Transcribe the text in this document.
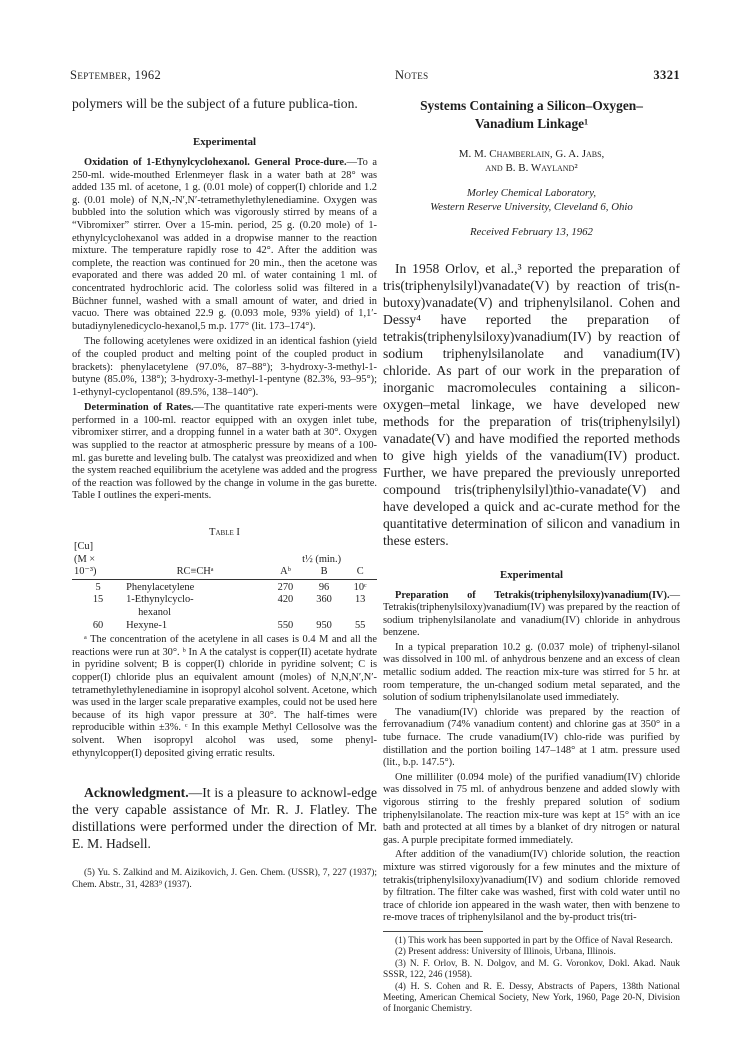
September, 1962	Notes	3321

polymers will be the subject of a future publica-tion.

Experimental

Oxidation of 1-Ethynylcyclohexanol. General Proce-dure.—To a 250-ml. wide-mouthed Erlenmeyer flask in a water bath at 28° was added 135 ml. of acetone, 1 g. (0.01 mole) of copper(I) chloride and 1.2 g. (0.01 mole) of N,N,-N′,N′-tetramethylethylenediamine. Oxygen was bubbled into the solution which was vigorously stirred by means of a “Vibromixer” stirrer. Over a 15-min. period, 25 g. (0.20 mole) of 1-ethynylcyclohexanol was added in a dropwise manner to the reaction mixture. The temperature rapidly rose to 42°. After the addition was complete, the reaction was continued for 20 min., then the acetone was evaporated and there was added 20 ml. of water containing 1 ml. of concentrated hydrochloric acid. The colorless solid was filtered in a Büchner funnel, washed with a small amount of water, and dried in vacuo. There was obtained 22.9 g. (0.093 mole, 93% yield) of 1,1′-butadiynylenedicyclo-hexanol,5 m.p. 177° (lit. 173–174°).

The following acetylenes were oxidized in an identical fashion (yield of the coupled product and melting point of the coupled product in brackets): phenylacetylene (97.0%, 87–88°); 3-hydroxy-3-methyl-1-butyne (85.0%, 138°); 3-hydroxy-3-methyl-1-pentyne (82.3%, 93–95°); 1-ethynyl-cyclopentanol (89.5%, 138–140°).

Determination of Rates.—The quantitative rate experi-ments were performed in a 100-ml. reactor equipped with an oxygen inlet tube, vibromixer stirrer, and a dropping funnel in a water bath at 30°. Oxygen was supplied to the reactor at atmospheric pressure by means of a 100-ml. gas burette and leveling bulb. The catalyst was preoxidized and when the system reached equilibrium the acetylene was added and the progress of the reaction was followed by the change in volume in the gas burette. Table I outlines the experi-ments.

Table I

[Cu]				
(M ×		t½ (min.)		
10⁻³)	RC≡CHᵃ	Aᵇ	B	C

5	Phenylacetylene	270	96	10ᶜ
15	1-Ethynylcyclo-	420	360	13
	hexanol			
60	Hexyne-1	550	950	55

ᵃ The concentration of the acetylene in all cases is 0.4 M and all the reactions were run at 30°. ᵇ In A the catalyst is copper(II) acetate hydrate in pyridine solvent; B is copper(I) chloride in pyridine solvent; C is copper(I) chloride plus an equivalent amount (moles) of N,N,N′,N′-tetramethylethylenediamine in isopropyl alcohol solvent. Acetone, which was used in the larger scale preparative examples, could not be used here because of its high vapor pressure at 30°. The half-times were reproducible within ±3%. ᶜ In this example Methyl Cellosolve was the solvent. When isopropyl alcohol was used, some phenyl-ethynylcopper(I) deposited giving erratic results.

Acknowledgment.—It is a pleasure to acknowl-edge the very capable assistance of Mr. R. J. Flatley. The distillations were performed under the direction of Mr. E. M. Hadsell.

(5) Yu. S. Zalkind and M. Aizikovich, J. Gen. Chem. (USSR), 7, 227 (1937); Chem. Abstr., 31, 4283⁹ (1937).

Systems Containing a Silicon–Oxygen–Vanadium Linkage¹

M. M. Chamberlain, G. A. Jabs,

and B. B. Wayland²

Morley Chemical Laboratory,

Western Reserve University, Cleveland 6, Ohio

Received February 13, 1962

In 1958 Orlov, et al.,³ reported the preparation of tris(triphenylsilyl)vanadate(V) by reaction of tris(n-butoxy)vanadate(V) and triphenylsilanol. Cohen and Dessy⁴ have reported the preparation of tetrakis(triphenylsiloxy)vanadium(IV) by reaction of sodium triphenylsilanolate and vanadium(IV) chloride. As part of our work in the preparation of inorganic macromolecules containing a silicon-oxygen–metal linkage, we have developed new methods for the preparation of tris(triphenylsilyl) vanadate(V) and have modified the reported methods to give high yields of the vanadium(IV) product. Further, we have prepared the previously unreported compound tris(triphenylsilyl)thio-vanadate(V) and have developed a quick and ac-curate method for the quantitative determination of silicon and vanadium in these esters.

Experimental

Preparation of Tetrakis(triphenylsiloxy)vanadium(IV).—Tetrakis(triphenylsiloxy)vanadium(IV) was prepared by the reaction of sodium triphenylsilanolate and vanadium(IV) chloride in anhydrous benzene.

In a typical preparation 10.2 g. (0.037 mole) of triphenyl-silanol was dissolved in 100 ml. of anhydrous benzene and an excess of clean metallic sodium added. The reaction mix-ture was stirred for 5 hr. at room temperature, the un-changed sodium metal separated, and the solution of sodium triphenylsilanolate used immediately.

The vanadium(IV) chloride was prepared by the reaction of ferrovanadium (74% vanadium content) and chlorine gas at 350° in a tube furnace. The crude vanadium(IV) chlo-ride was purified by distillation and the portion boiling 147–148° at 1 atm. pressure used (lit., b.p. 147.5°).

One milliliter (0.094 mole) of the purified vanadium(IV) chloride was dissolved in 75 ml. of anhydrous benzene and added slowly with vigorous stirring to the freshly prepared solution of sodium triphenylsilanolate. The reaction mix-ture was kept at 15° with an ice bath and protected at all times by a blanket of dry nitrogen or natural gas. A purple precipitate formed immediately.

After addition of the vanadium(IV) chloride solution, the reaction mixture was stirred vigorously for a few minutes and the mixture of tetrakis(triphenylsiloxy)vanadium(IV) and sodium chloride removed by filtration. The filter cake was washed, first with cold water until no trace of chloride ion appeared in the wash water, then with benzene to re-move traces of triphenylsilanol and the by-product tris(tri-

(1) This work has been supported in part by the Office of Naval Research.

(2) Present address: University of Illinois, Urbana, Illinois.

(3) N. F. Orlov, B. N. Dolgov, and M. G. Voronkov, Dokl. Akad. Nauk SSSR, 122, 246 (1958).

(4) H. S. Cohen and R. E. Dessy, Abstracts of Papers, 138th National Meeting, American Chemical Society, New York, 1960, Page 20-N, Division of Inorganic Chemistry.
